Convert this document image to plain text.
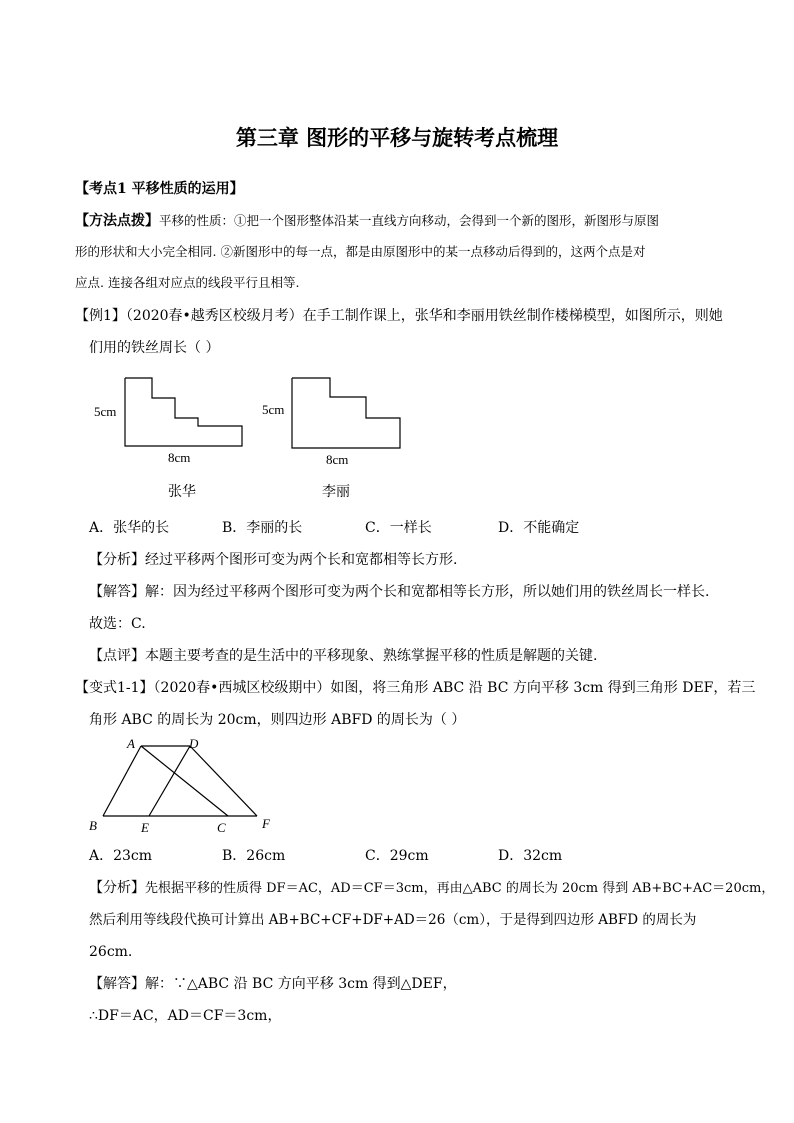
第三章 图形的平移与旋转考点梳理
【考点1 平移性质的运用】
【方法点拨】平移的性质：①把一个图形整体沿某一直线方向移动，会得到一个新的图形，新图形与原图
形的形状和大小完全相同. ②新图形中的每一点，都是由原图形中的某一点移动后得到的，这两个点是对
应点. 连接各组对应点的线段平行且相等.
【例1】（2020春•越秀区校级月考）在手工制作课上，张华和李丽用铁丝制作楼梯模型，如图所示，则她
们用的铁丝周长（ ）
5cm
8cm
张华
5cm
8cm
李丽
A．张华的长	B．李丽的长	C．一样长	D．不能确定
【分析】经过平移两个图形可变为两个长和宽都相等长方形.
【解答】解：因为经过平移两个图形可变为两个长和宽都相等长方形，所以她们用的铁丝周长一样长.
故选：C.
【点评】本题主要考查的是生活中的平移现象、熟练掌握平移的性质是解题的关键.
【变式1-1】（2020春•西城区校级期中）如图，将三角形 ABC 沿 BC 方向平移 3cm 得到三角形 DEF，若三
角形 ABC 的周长为 20cm，则四边形 ABFD 的周长为（ ）
A	D
B	E	C	F
A．23cm	B．26cm	C．29cm	D．32cm
【分析】先根据平移的性质得 DF＝AC，AD＝CF＝3cm，再由△ABC 的周长为 20cm 得到 AB+BC+AC＝20cm，
然后利用等线段代换可计算出 AB+BC+CF+DF+AD＝26（cm），于是得到四边形 ABFD 的周长为
26cm.
【解答】解：∵△ABC 沿 BC 方向平移 3cm 得到△DEF，
∴DF＝AC，AD＝CF＝3cm，
